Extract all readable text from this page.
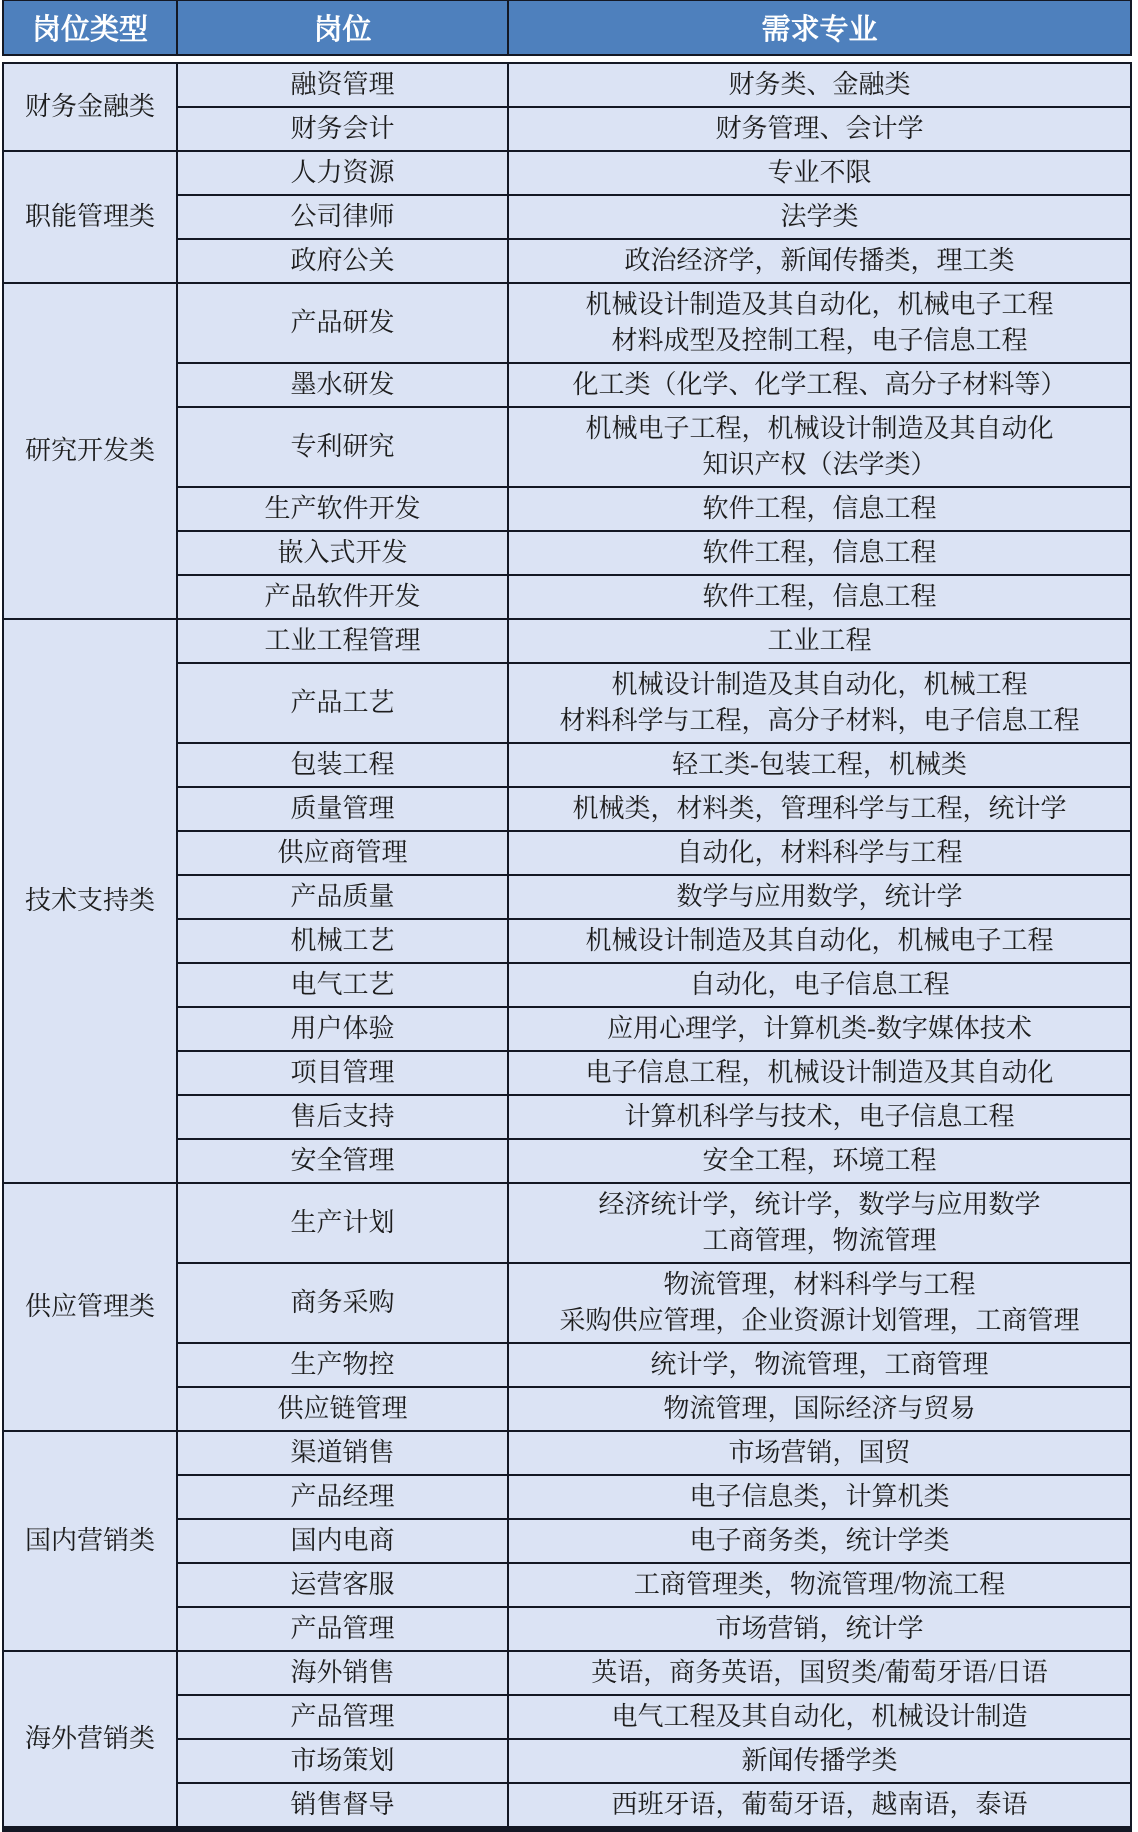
岗位类型	岗位	需求专业
财务金融类	融资管理	财务类、金融类

	财务会计	财务管理、会计学

职能管理类	人力资源	专业不限

	公司律师	法学类

	政府公关	政治经济学，新闻传播类，理工类

研究开发类	产品研发	机械设计制造及其自动化，机械电子工程
材料成型及控制工程，电子信息工程

	墨水研发	化工类（化学、化学工程、高分子材料等）

	专利研究	机械电子工程，机械设计制造及其自动化
知识产权（法学类）

	生产软件开发	软件工程，信息工程

	嵌入式开发	软件工程，信息工程

	产品软件开发	软件工程，信息工程

技术支持类	工业工程管理	工业工程

	产品工艺	机械设计制造及其自动化，机械工程
材料科学与工程，高分子材料，电子信息工程

	包装工程	轻工类-包装工程，机械类

	质量管理	机械类，材料类，管理科学与工程，统计学

	供应商管理	自动化，材料科学与工程

	产品质量	数学与应用数学，统计学

	机械工艺	机械设计制造及其自动化，机械电子工程

	电气工艺	自动化，电子信息工程

	用户体验	应用心理学，计算机类-数字媒体技术

	项目管理	电子信息工程，机械设计制造及其自动化

	售后支持	计算机科学与技术，电子信息工程

	安全管理	安全工程，环境工程

供应管理类	生产计划	经济统计学，统计学，数学与应用数学
工商管理，物流管理

	商务采购	物流管理，材料科学与工程
采购供应管理，企业资源计划管理，工商管理

	生产物控	统计学，物流管理，工商管理

	供应链管理	物流管理，国际经济与贸易

国内营销类	渠道销售	市场营销，国贸

	产品经理	电子信息类，计算机类

	国内电商	电子商务类，统计学类

	运营客服	工商管理类，物流管理/物流工程

	产品管理	市场营销，统计学

海外营销类	海外销售	英语，商务英语，国贸类/葡萄牙语/日语

	产品管理	电气工程及其自动化，机械设计制造

	市场策划	新闻传播学类

	销售督导	西班牙语，葡萄牙语，越南语，泰语
